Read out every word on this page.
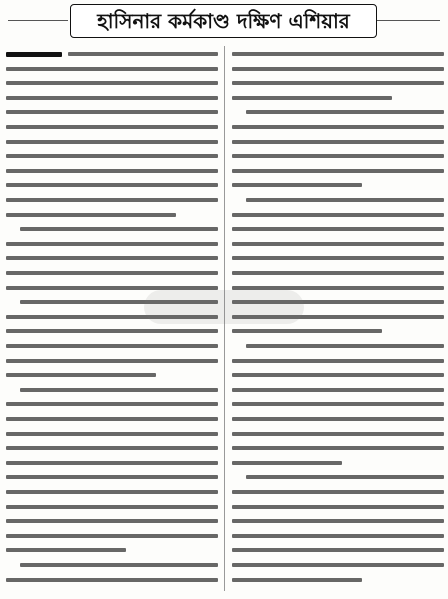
হাসিনার কর্মকাণ্ড দক্ষিণ এশিয়ার
